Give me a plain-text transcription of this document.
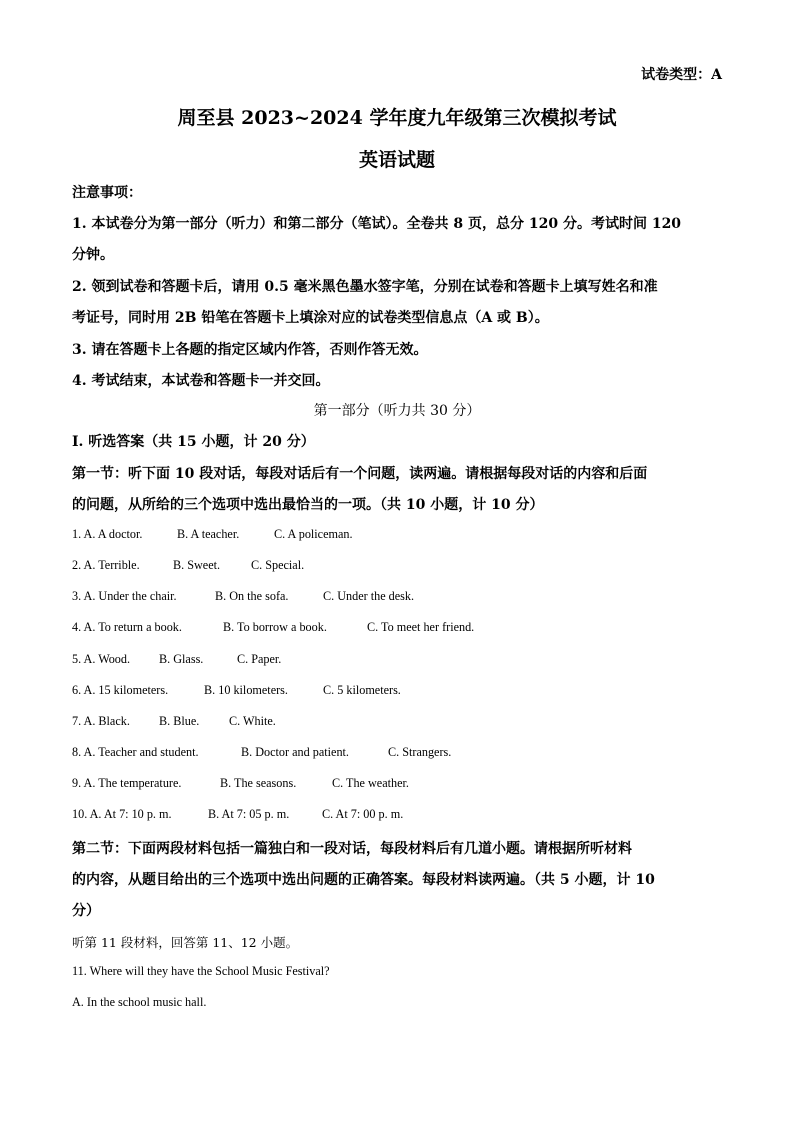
试卷类型：A
周至县 2023~2024 学年度九年级第三次模拟考试
英语试题
注意事项：
1. 本试卷分为第一部分（听力）和第二部分（笔试）。全卷共 8 页，总分 120 分。考试时间 120
分钟。
2. 领到试卷和答题卡后，请用 0.5 毫米黑色墨水签字笔，分别在试卷和答题卡上填写姓名和准
考证号，同时用 2B 铅笔在答题卡上填涂对应的试卷类型信息点（A 或 B）。
3. 请在答题卡上各题的指定区域内作答，否则作答无效。
4. 考试结束，本试卷和答题卡一并交回。
第一部分（听力共 30 分）
Ⅰ. 听选答案（共 15 小题，计 20 分）
第一节：听下面 10 段对话，每段对话后有一个问题，读两遍。请根据每段对话的内容和后面
的问题，从所给的三个选项中选出最恰当的一项。（共 10 小题，计 10 分）
1. A. A doctor.	B. A teacher.	C. A policeman.
2. A. Terrible.	B. Sweet.	C. Special.
3. A. Under the chair.	B. On the sofa.	C. Under the desk.
4. A. To return a book.	B. To borrow a book.	C. To meet her friend.
5. A. Wood. B. Glass.	C. Paper.
6. A. 15 kilometers.	B. 10 kilometers.	C. 5 kilometers.
7. A. Black. B. Blue. C. White.
8. A. Teacher and student.	B. Doctor and patient.	C. Strangers.
9. A. The temperature.	B. The seasons.	C. The weather.
10. A. At 7: 10 p. m.	B. At 7: 05 p. m.	C. At 7: 00 p. m.
第二节：下面两段材料包括一篇独白和一段对话，每段材料后有几道小题。请根据所听材料
的内容，从题目给出的三个选项中选出问题的正确答案。每段材料读两遍。（共 5 小题，计 10
分）
听第 11 段材料，回答第 11、12 小题。
11. Where will they have the School Music Festival?
A. In the school music hall.
